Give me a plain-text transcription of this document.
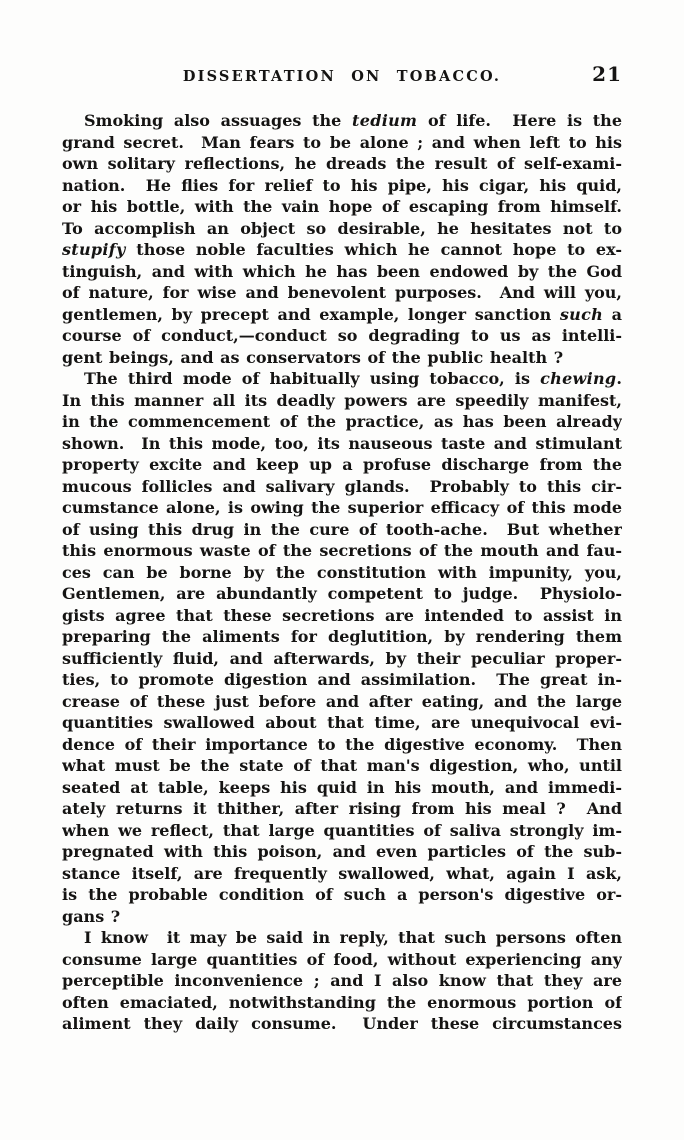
DISSERTATION ON TOBACCO.	21
Smoking also assuages the tedium of life.  Here is the
grand secret.  Man fears to be alone ; and when left to his
own solitary reflections, he dreads the result of self-exami-
nation.  He flies for relief to his pipe, his cigar, his quid,
or his bottle, with the vain hope of escaping from himself.
To accomplish an object so desirable, he hesitates not to
stupify those noble faculties which he cannot hope to ex-
tinguish, and with which he has been endowed by the God
of nature, for wise and benevolent purposes.  And will you,
gentlemen, by precept and example, longer sanction such a
course of conduct,—conduct so degrading to us as intelli-
gent beings, and as conservators of the public health ?
The third mode of habitually using tobacco, is chewing.
In this manner all its deadly powers are speedily manifest,
in the commencement of the practice, as has been already
shown.  In this mode, too, its nauseous taste and stimulant
property excite and keep up a profuse discharge from the
mucous follicles and salivary glands.  Probably to this cir-
cumstance alone, is owing the superior efficacy of this mode
of using this drug in the cure of tooth-ache.  But whether
this enormous waste of the secretions of the mouth and fau-
ces can be borne by the constitution with impunity, you,
Gentlemen, are abundantly competent to judge.  Physiolo-
gists agree that these secretions are intended to assist in
preparing the aliments for deglutition, by rendering them
sufficiently fluid, and afterwards, by their peculiar proper-
ties, to promote digestion and assimilation.  The great in-
crease of these just before and after eating, and the large
quantities swallowed about that time, are unequivocal evi-
dence of their importance to the digestive economy.  Then
what must be the state of that man's digestion, who, until
seated at table, keeps his quid in his mouth, and immedi-
ately returns it thither, after rising from his meal ?  And
when we reflect, that large quantities of saliva strongly im-
pregnated with this poison, and even particles of the sub-
stance itself, are frequently swallowed, what, again I ask,
is the probable condition of such a person's digestive or-
gans ?
I know  it may be said in reply, that such persons often
consume large quantities of food, without experiencing any
perceptible inconvenience ; and I also know that they are
often emaciated, notwithstanding the enormous portion of
aliment they daily consume.  Under these circumstances
